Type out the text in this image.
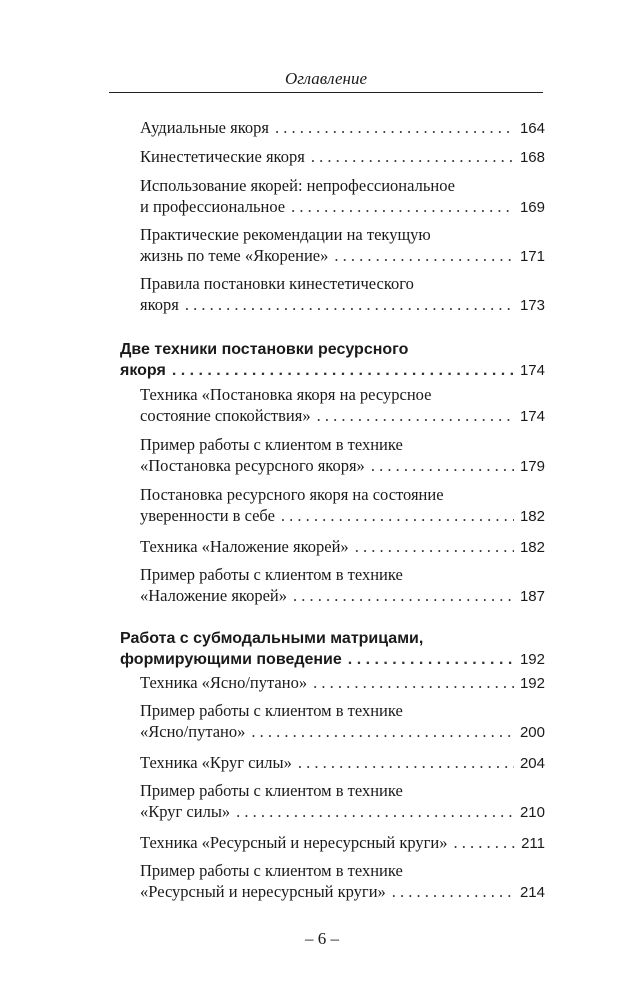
Оглавление
Аудиальные якоря . . .	164
Кинестетические якоря . . .	168
Использование якорей: непрофессиональное
и профессиональное . . .	169
Практические рекомендации на текущую
жизнь по теме «Якорение» . . .	171
Правила постановки кинестетического
якоря . . .	173
Две техники постановки ресурсного
якоря . . .	174
Техника «Постановка якоря на ресурсное
состояние спокойствия» . . .	174
Пример работы с клиентом в технике
«Постановка ресурсного якоря» . . .	179
Постановка ресурсного якоря на состояние
уверенности в себе . . .	182
Техника «Наложение якорей» . . .	182
Пример работы с клиентом в технике
«Наложение якорей» . . .	187
Работа с субмодальными матрицами,
формирующими поведение . . .	192
Техника «Ясно/путано» . . .	192
Пример работы с клиентом в технике
«Ясно/путано» . . .	200
Техника «Круг силы» . . .	204
Пример работы с клиентом в технике
«Круг силы» . . .	210
Техника «Ресурсный и нересурсный круги» . . .	211
Пример работы с клиентом в технике
«Ресурсный и нересурсный круги» . . .	214
– 6 –
